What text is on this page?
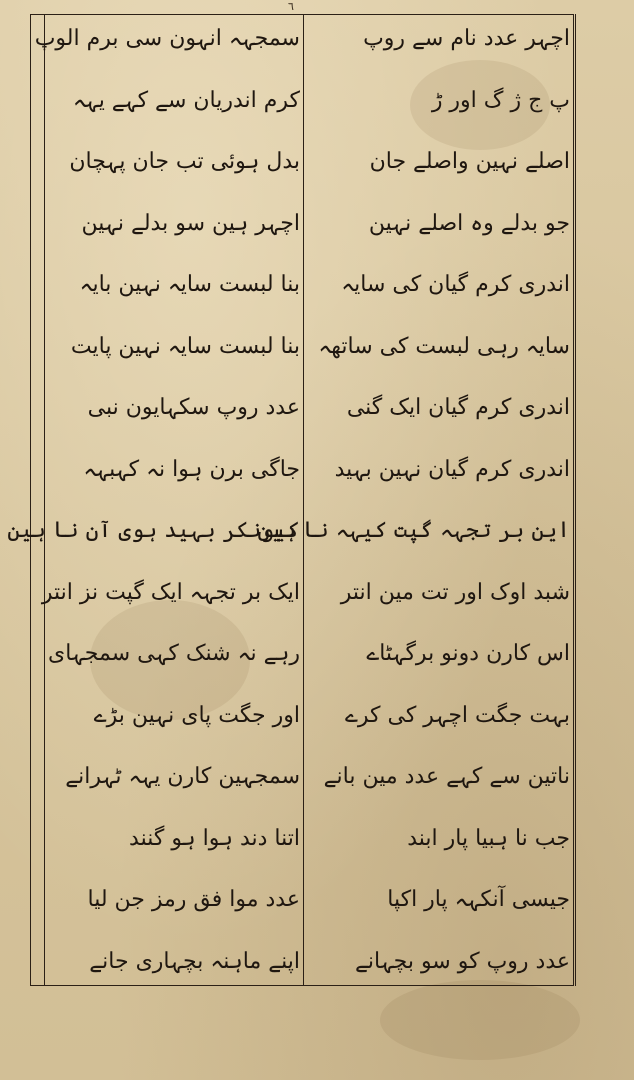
٦
اچہر عدد نام سے روپ
پ ج ژ گ اور ڑ
اصلے نہین واصلے جان
جو بدلے وہ اصلے نہین
اندری کرم گیان کی سایہ
سایہ رہی لبست کی ساتھہ
اندری کرم گیان ایک گنی
اندری کرم گیان نہین بہید
این بر تجہہ گپت کیہہ نا ہین
شبد اوک اور تت مین انتر
اس کارن دونو برگہٹاے
بہت جگت اچہر کی کرے
ناتین سے کہے عدد مین بانے
جب نا ہبیا پار ابند
جیسی آنکہہ پار اکپا
عدد روپ کو سو بچہانے
سمجہہ انہون سی برم الوپ
کرم اندریان سے کہے یہہ
بدل ہوئی تب جان پہچان
اچہر ہین سو بدلے نہین
بنا لبست سایہ نہین بایہ
بنا لبست سایہ نہین پایت
عدد روپ سکہایون نبی
جاگی برن ہوا نہ کہبہہ
کیونکر بہید ہوی آن نا ہین
ایک بر تجہہ ایک گپت نز انتر
رہے نہ شنک کہی سمجہای
اور جگت پای نہین بڑے
سمجہین کارن یہہ ٹہرانے
اتنا دند ہوا ہو گنند
عدد موا فق رمز جن لیا
اپنے ماہنہ بچہاری جانے
